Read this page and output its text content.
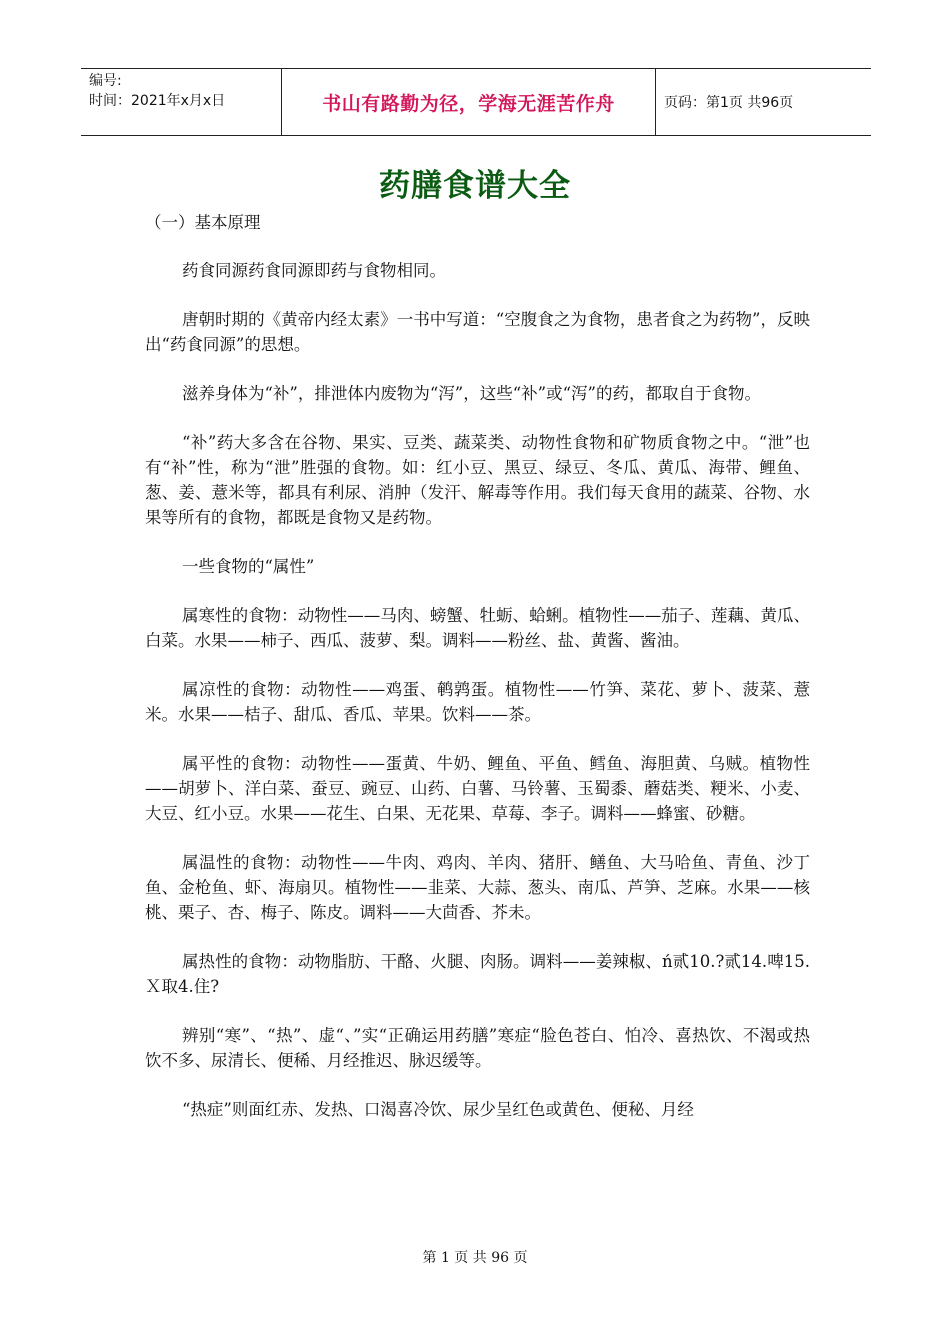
编号:
时间：2021年x月x日	书山有路勤为径，学海无涯苦作舟	页码：第1页 共96页
药膳食谱大全

（一）基本原理

药食同源药食同源即药与食物相同。

唐朝时期的《黄帝内经太素》一书中写道：“空腹食之为食物，患者食之为药物”，反映出“药食同源”的思想。

滋养身体为“补”，排泄体内废物为“泻”，这些“补”或“泻”的药，都取自于食物。

“补”药大多含在谷物、果实、豆类、蔬菜类、动物性食物和矿物质食物之中。“泄”也有“补”性，称为“泄”胜强的食物。如：红小豆、黑豆、绿豆、冬瓜、黄瓜、海带、鲤鱼、葱、姜、薏米等，都具有利尿、消肿（发汗、解毒等作用。我们每天食用的蔬菜、谷物、水果等所有的食物，都既是食物又是药物。

一些食物的“属性”

属寒性的食物：动物性——马肉、螃蟹、牡蛎、蛤蜊。植物性——茄子、莲藕、黄瓜、白菜。水果——柿子、西瓜、菠萝、梨。调料——粉丝、盐、黄酱、酱油。

属凉性的食物：动物性——鸡蛋、鹌鹑蛋。植物性——竹笋、菜花、萝卜、菠菜、薏米。水果——桔子、甜瓜、香瓜、苹果。饮料——茶。

属平性的食物：动物性——蛋黄、牛奶、鲤鱼、平鱼、鳕鱼、海胆黄、乌贼。植物性——胡萝卜、洋白菜、蚕豆、豌豆、山药、白薯、马铃薯、玉蜀黍、蘑菇类、粳米、小麦、大豆、红小豆。水果——花生、白果、无花果、草莓、李子。调料——蜂蜜、砂糖。

属温性的食物：动物性——牛肉、鸡肉、羊肉、猪肝、鳝鱼、大马哈鱼、青鱼、沙丁鱼、金枪鱼、虾、海扇贝。植物性——韭菜、大蒜、葱头、南瓜、芦笋、芝麻。水果——核桃、栗子、杏、梅子、陈皮。调料——大茴香、芥未。

属热性的食物：动物脂肪、干酪、火腿、肉肠。调料——姜辣椒、ń贰10.?贰14.啤15.Ｘ取4.住?

辨别“寒”、“热”、虚“、”实“正确运用药膳”寒症“脸色苍白、怕冷、喜热饮、不渴或热饮不多、尿清长、便稀、月经推迟、脉迟缓等。

“热症”则面红赤、发热、口渴喜冷饮、尿少呈红色或黄色、便秘、月经

第 1 页 共 96 页
